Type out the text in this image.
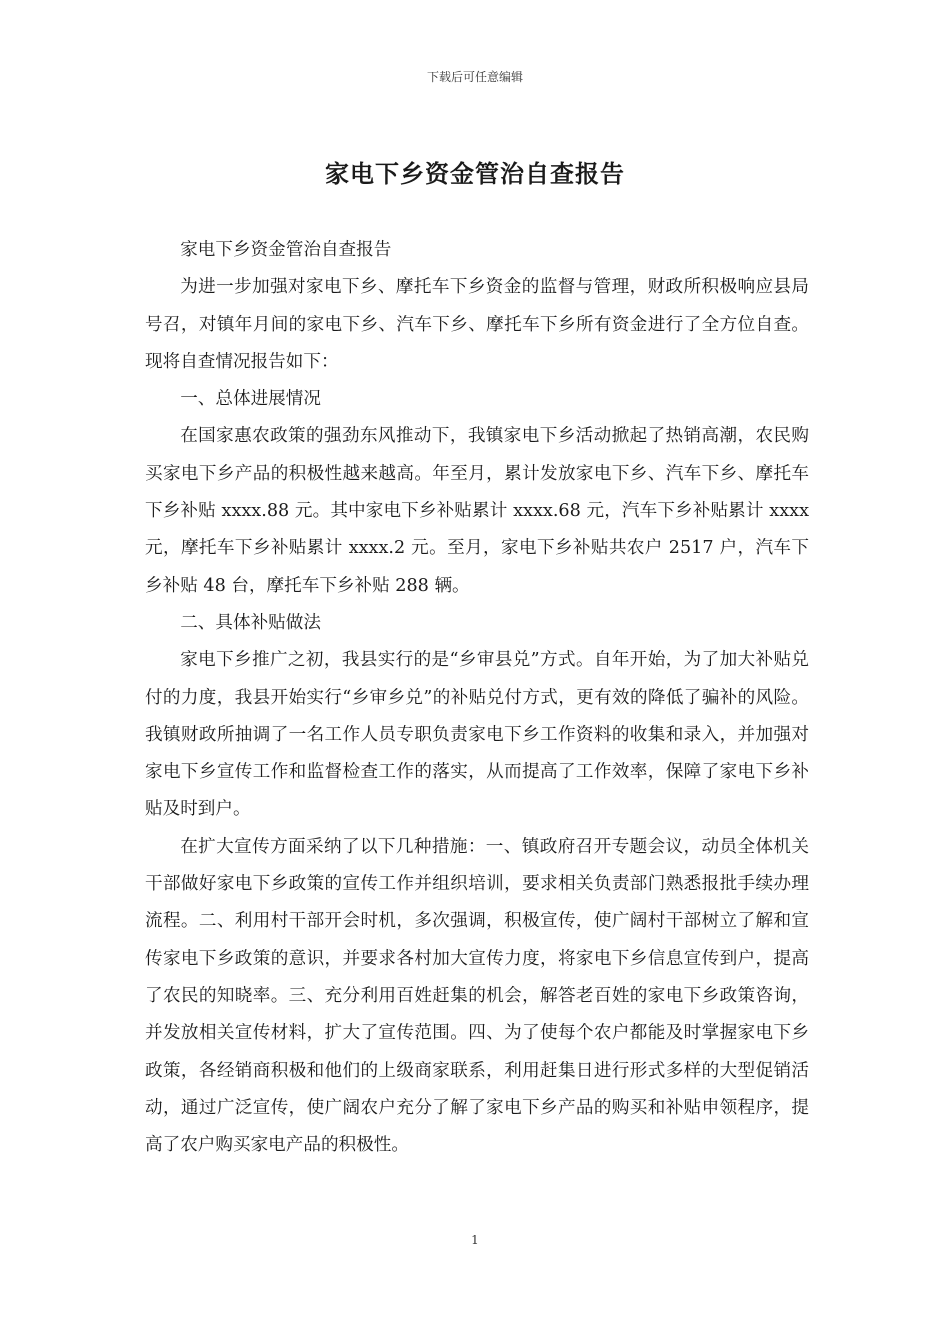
下载后可任意编辑
家电下乡资金管治自查报告

家电下乡资金管治自查报告

为进一步加强对家电下乡、摩托车下乡资金的监督与管理，财政所积极响应县局号召，对镇年月间的家电下乡、汽车下乡、摩托车下乡所有资金进行了全方位自查。现将自查情况报告如下：

一、总体进展情况

在国家惠农政策的强劲东风推动下，我镇家电下乡活动掀起了热销高潮，农民购买家电下乡产品的积极性越来越高。年至月，累计发放家电下乡、汽车下乡、摩托车下乡补贴 xxxx.88 元。其中家电下乡补贴累计 xxxx.68 元，汽车下乡补贴累计 xxxx 元，摩托车下乡补贴累计 xxxx.2 元。至月，家电下乡补贴共农户 2517 户，汽车下乡补贴 48 台，摩托车下乡补贴 288 辆。

二、具体补贴做法

家电下乡推广之初，我县实行的是“乡审县兑”方式。自年开始，为了加大补贴兑付的力度，我县开始实行“乡审乡兑”的补贴兑付方式，更有效的降低了骗补的风险。我镇财政所抽调了一名工作人员专职负责家电下乡工作资料的收集和录入，并加强对家电下乡宣传工作和监督检查工作的落实，从而提高了工作效率，保障了家电下乡补贴及时到户。

在扩大宣传方面采纳了以下几种措施：一、镇政府召开专题会议，动员全体机关干部做好家电下乡政策的宣传工作并组织培训，要求相关负责部门熟悉报批手续办理流程。二、利用村干部开会时机，多次强调，积极宣传，使广阔村干部树立了解和宣传家电下乡政策的意识，并要求各村加大宣传力度，将家电下乡信息宣传到户，提高了农民的知晓率。三、充分利用百姓赶集的机会，解答老百姓的家电下乡政策咨询，并发放相关宣传材料，扩大了宣传范围。四、为了使每个农户都能及时掌握家电下乡政策，各经销商积极和他们的上级商家联系，利用赶集日进行形式多样的大型促销活动，通过广泛宣传，使广阔农户充分了解了家电下乡产品的购买和补贴申领程序，提高了农户购买家电产品的积极性。

1
